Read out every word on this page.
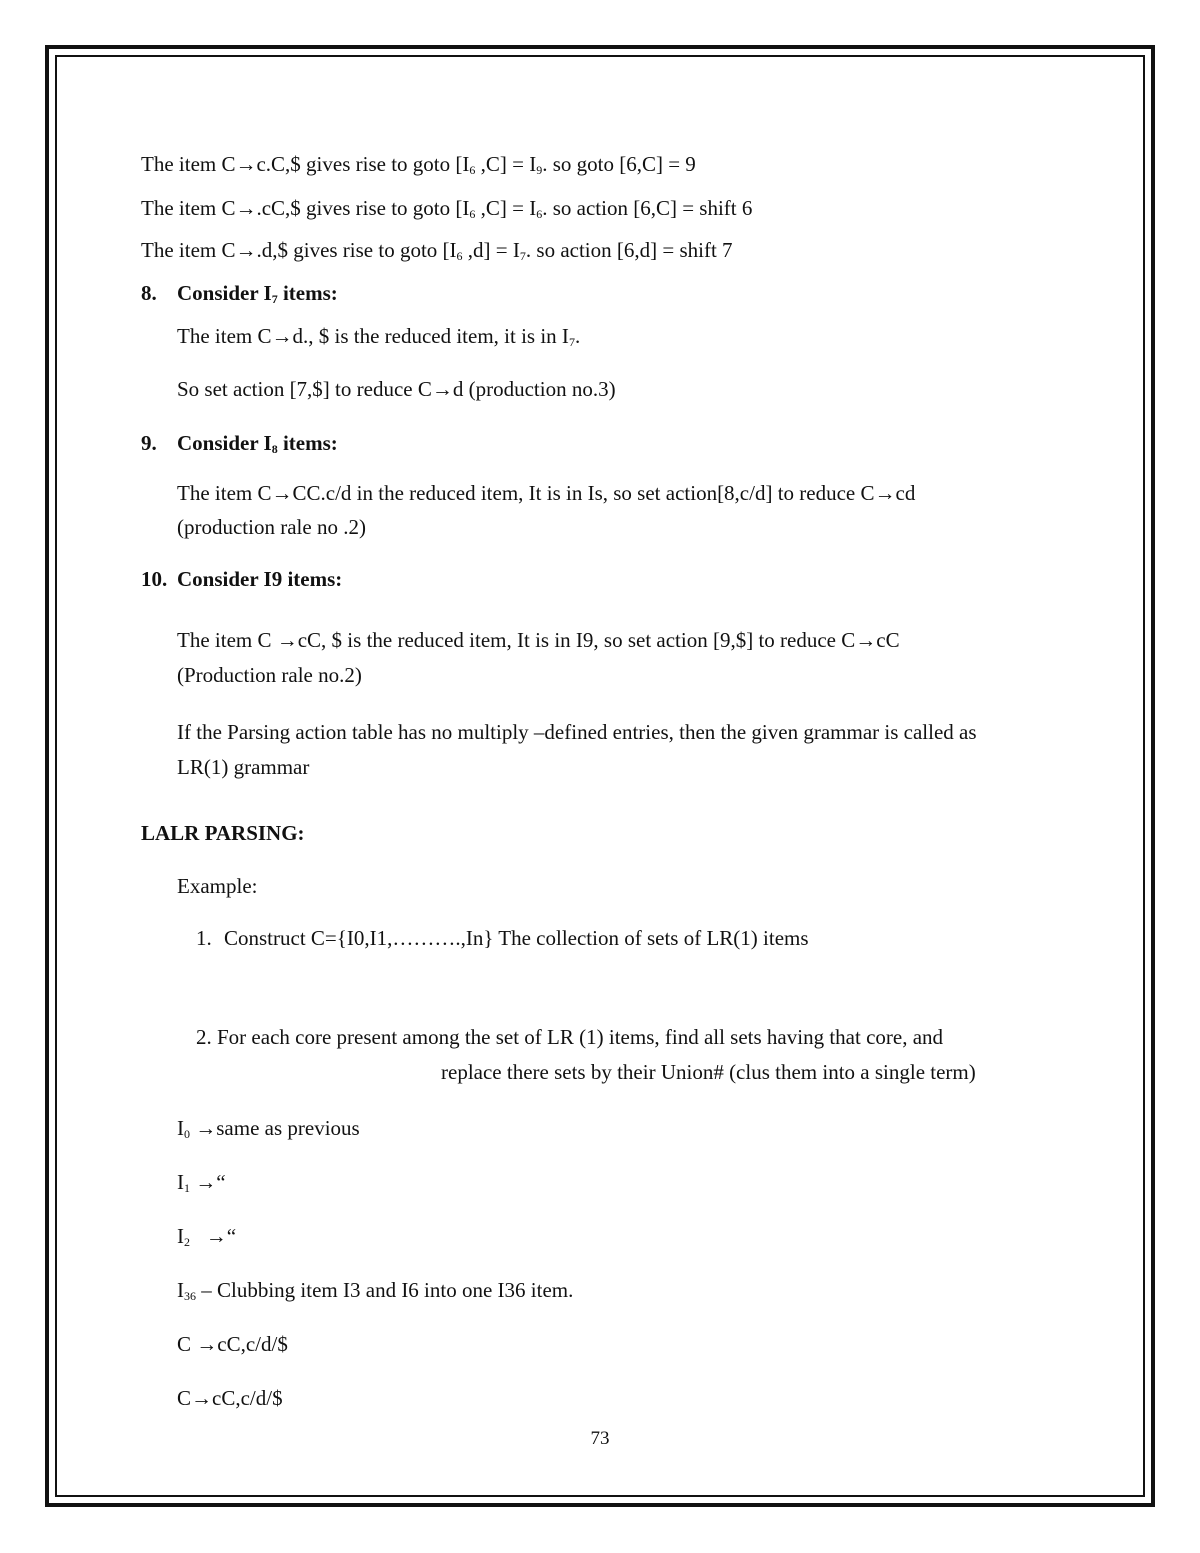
The item C→c.C,$ gives rise to goto [$I_6$ $,C] = I_9$. so goto [6,C] = 9
The item C→.cC,$ gives rise to goto [$I_6$ $,C] = I_6$. so action [6,C] = shift 6
The item C→.d,$ gives rise to goto [$I_6$ $,d] = I_7$. so action [6,d] = shift 7
8. Consider $I_7$ items:
The item C→d., $ is the reduced item, it is in $I_7$.
So set action [7,$] to reduce C→d (production no.3)
9. Consider $I_8$ items:
The item C→CC.c/d in the reduced item, It is in Is, so set action[8,c/d] to reduce C→cd
(production rale no .2)
10. Consider I9 items:
The item C →cC, $ is the reduced item, It is in I9, so set action [9,$] to reduce C→cC
(Production rale no.2)
If the Parsing action table has no multiply –defined entries, then the given grammar is called as
LR(1) grammar
LALR PARSING:
Example:
1. Construct C={I0,I1,……….,In} The collection of sets of LR(1) items
2. For each core present among the set of LR (1) items, find all sets having that core, and
replace there sets by their Union# (clus them into a single term)
$I_0$ →same as previous
$I_1$ →“
$I_2$   →“
$I_{36}$ – Clubbing item I3 and I6 into one I36 item.
C →cC,c/d/$
C→cC,c/d/$
73
